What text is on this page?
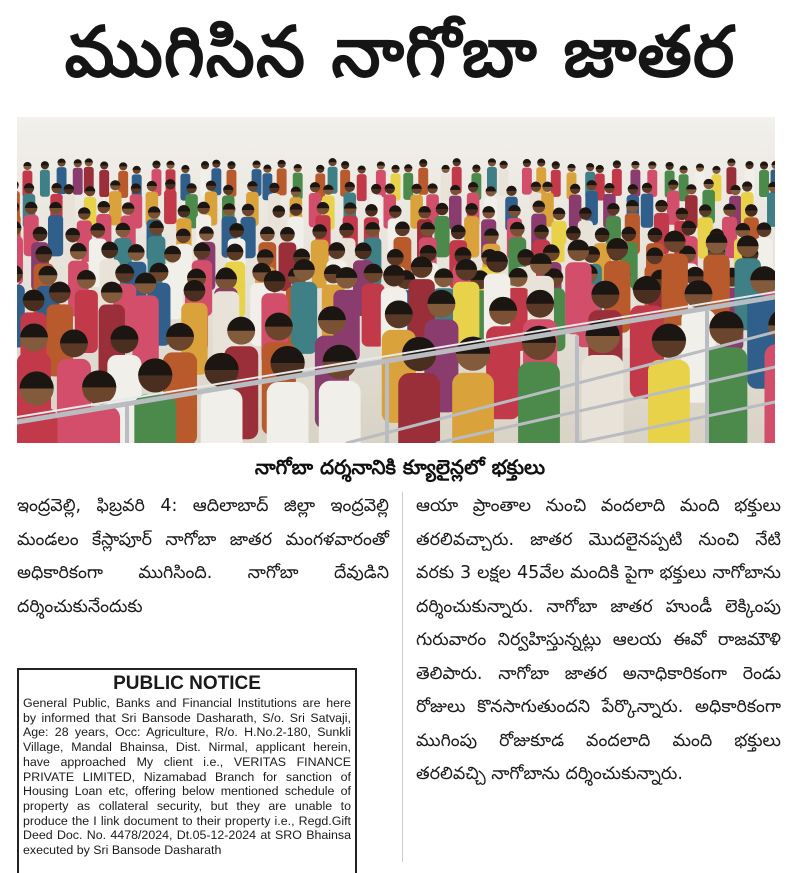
ముగిసిన నాగోబా జాతర
నాగోబా దర్శనానికి క్యూలైన్లలో భక్తులు
ఇంద్రవెల్లి, ఫిబ్రవరి 4: ఆదిలాబాద్ జిల్లా ఇంద్రవెల్లి మండలం కేస్లాపూర్ నాగోబా జాతర మంగళవారంతో అధికారికంగా ముగిసింది. నాగోబా దేవుడిని దర్శించుకునేందుకు
ఆయా ప్రాంతాల నుంచి వందలాది మంది భక్తులు తరలివచ్చారు. జాతర మొదలైనప్పటి నుంచి నేటి వరకు 3 లక్షల 45వేల మందికి పైగా భక్తులు నాగోబాను దర్శించుకున్నారు. నాగోబా జాతర హుండీ లెక్కింపు గురువారం నిర్వహిస్తున్నట్లు ఆలయ ఈవో రాజమౌళి తెలిపారు. నాగోబా జాతర అనాధికారికంగా రెండు రోజులు కొనసాగుతుందని పేర్కొన్నారు. అధికారికంగా ముగింపు రోజుకూడ వందలాది మంది భక్తులు తరలివచ్చి నాగోబాను దర్శించుకున్నారు.
PUBLIC NOTICE
General Public, Banks and Financial Institutions are here by informed that Sri Bansode Dasharath, S/o. Sri Satvaji, Age: 28 years, Occ: Agriculture, R/o. H.No.2-180, Sunkli Village, Mandal Bhainsa, Dist. Nirmal, applicant herein, have approached My client i.e., VERITAS FINANCE PRIVATE LIMITED, Nizamabad Branch for sanction of Housing Loan etc, offering below mentioned schedule of property as collateral security, but they are unable to produce the I link document to their property i.e., Regd.Gift Deed Doc. No. 4478/2024, Dt.05-12-2024 at SRO Bhainsa executed by Sri Bansode Dasharath
